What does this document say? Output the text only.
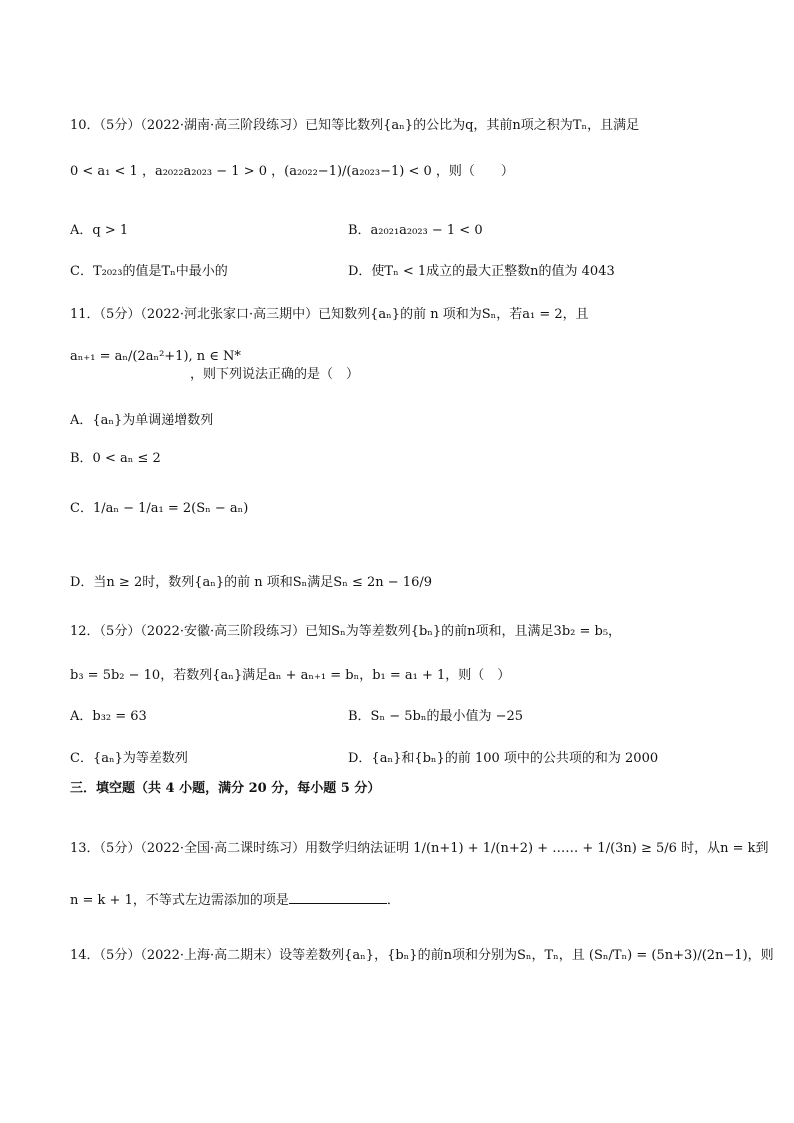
10．（5分）（2022·湖南·高三阶段练习）已知等比数列{aₙ}的公比为q，其前n项之积为Tₙ，且满足
0 < a₁ < 1 ，a₂₀₂₂a₂₀₂₃ − 1 > 0 ，(a₂₀₂₂−1)/(a₂₀₂₃−1) < 0 ，则（　　）
A．q > 1	B．a₂₀₂₁a₂₀₂₃ − 1 < 0
C．T₂₀₂₃的值是Tₙ中最小的	D．使Tₙ < 1成立的最大正整数n的值为 4043
11．（5分）（2022·河北张家口·高三期中）已知数列{aₙ}的前 n 项和为Sₙ，若a₁ = 2，且
aₙ₊₁ = aₙ/(2aₙ²+1), n ∈ N*
，则下列说法正确的是（　）
A．{aₙ}为单调递增数列
B．0 < aₙ ≤ 2
C．1/aₙ − 1/a₁ = 2(Sₙ − aₙ)
D．当n ≥ 2时，数列{aₙ}的前 n 项和Sₙ满足Sₙ ≤ 2n − 16/9
12．（5分）（2022·安徽·高三阶段练习）已知Sₙ为等差数列{bₙ}的前n项和，且满足3b₂ = b₅，
b₃ = 5b₂ − 10，若数列{aₙ}满足aₙ + aₙ₊₁ = bₙ，b₁ = a₁ + 1，则（　）
A．b₃₂ = 63	B．Sₙ − 5bₙ的最小值为 −25
C．{aₙ}为等差数列	D．{aₙ}和{bₙ}的前 100 项中的公共项的和为 2000
三．填空题（共 4 小题，满分 20 分，每小题 5 分）
13．（5分）（2022·全国·高二课时练习）用数学归纳法证明 1/(n+1) + 1/(n+2) + …… + 1/(3n) ≥ 5/6 时，从n = k到
n = k + 1，不等式左边需添加的项是	．
14．（5分）（2022·上海·高二期末）设等差数列{aₙ}，{bₙ}的前n项和分别为Sₙ，Tₙ，且 (Sₙ/Tₙ) = (5n+3)/(2n−1)，则
